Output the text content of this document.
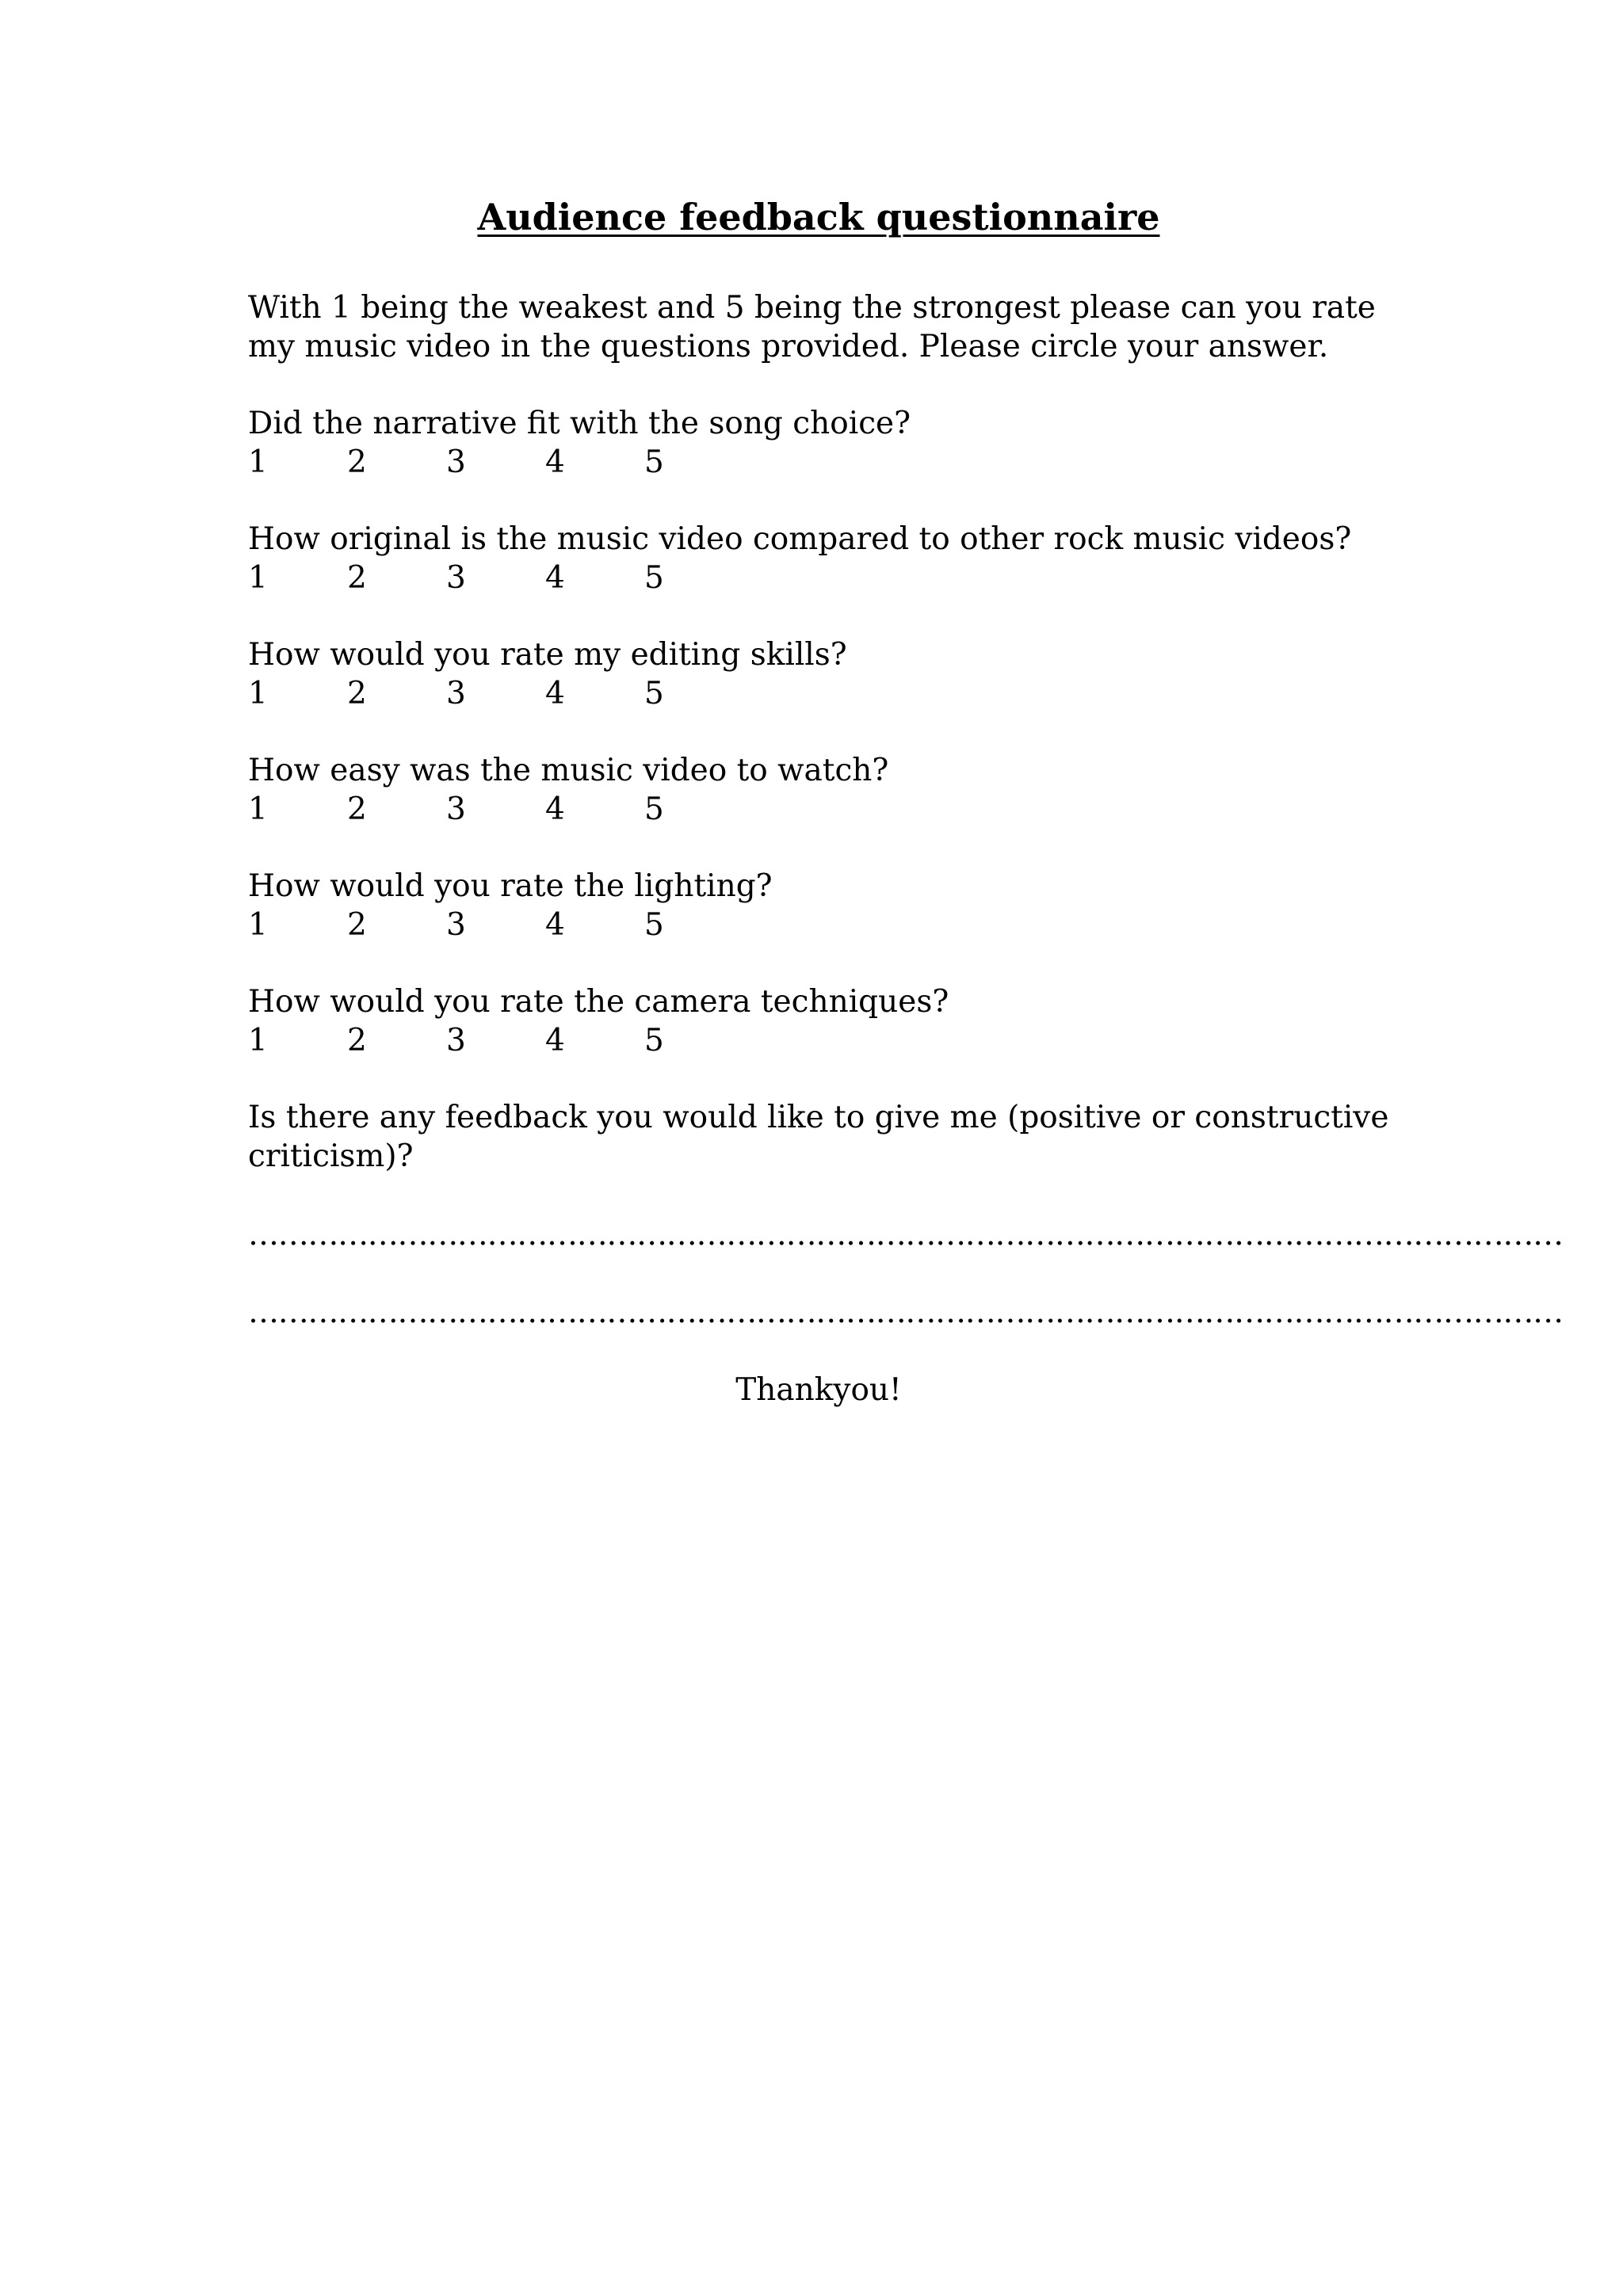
Audience feedback questionnaire

With 1 being the weakest and 5 being the strongest please can you rate my music video in the questions provided. Please circle your answer.

Did the narrative fit with the song choice?

1	2	3	4	5

How original is the music video compared to other rock music videos?

1	2	3	4	5

How would you rate my editing skills?

1	2	3	4	5

How easy was the music video to watch?

1	2	3	4	5

How would you rate the lighting?

1	2	3	4	5

How would you rate the camera techniques?

1	2	3	4	5

Is there any feedback you would like to give me (positive or constructive criticism)?

……………………………………………………………………………………………………………………
……………………………………………………………………………………………………………………

Thankyou!
